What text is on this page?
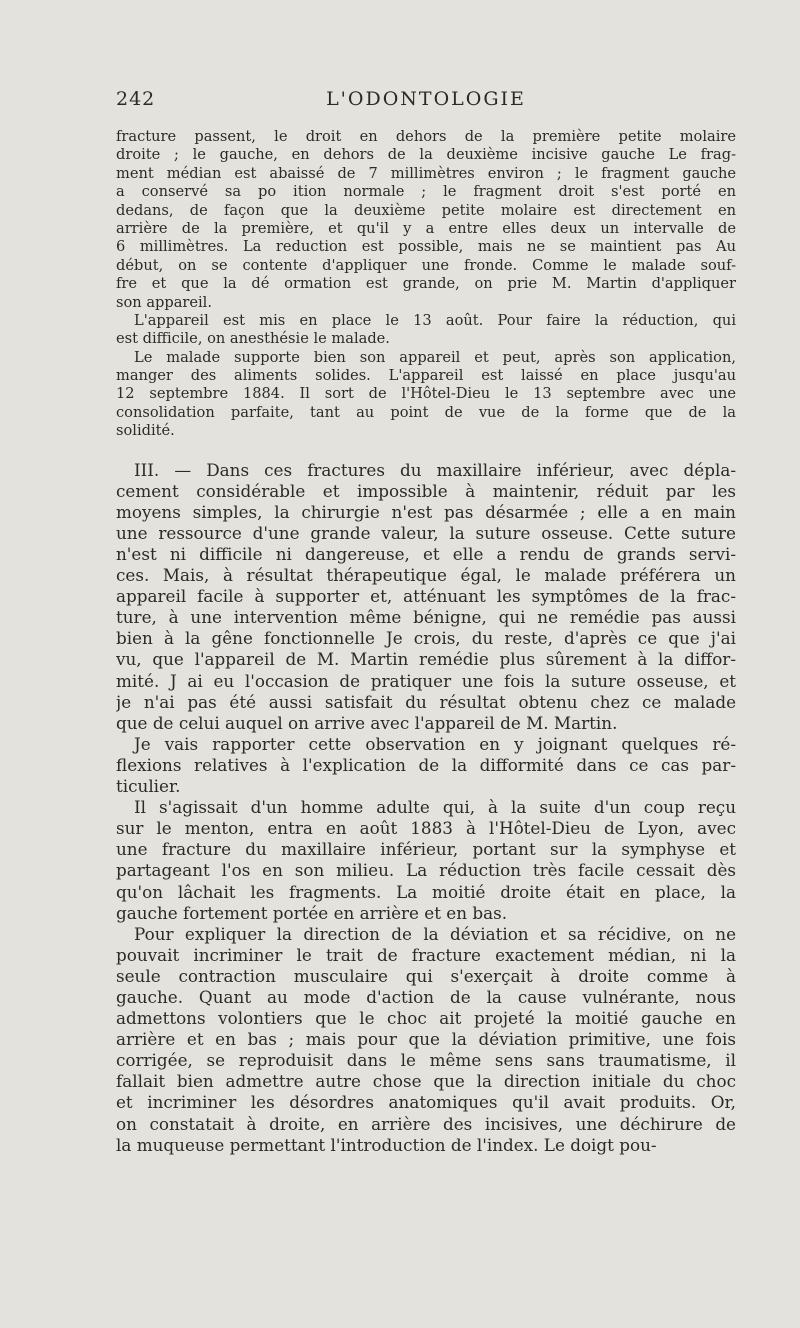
242	L'ODONTOLOGIE
fracture passent, le droit en dehors de la première petite molaire
droite ; le gauche, en dehors de la deuxième incisive gauche Le frag-
ment médian est abaissé de 7 millimètres environ ; le fragment gauche
a conservé sa po ition normale ; le fragment droit s'est porté en
dedans, de façon que la deuxième petite molaire est directement en
arrière de la première, et qu'il y a entre elles deux un intervalle de
6 millimètres. La reduction est possible, mais ne se maintient pas Au
début, on se contente d'appliquer une fronde. Comme le malade souf-
fre et que la dé ormation est grande, on prie M. Martin d'appliquer
son appareil.
L'appareil est mis en place le 13 août. Pour faire la réduction, qui
est difficile, on anesthésie le malade.
Le malade supporte bien son appareil et peut, après son application,
manger des aliments solides. L'appareil est laissé en place jusqu'au
12 septembre 1884. Il sort de l'Hôtel-Dieu le 13 septembre avec une
consolidation parfaite, tant au point de vue de la forme que de la
solidité.
III. — Dans ces fractures du maxillaire inférieur, avec dépla-
cement considérable et impossible à maintenir, réduit par les
moyens simples, la chirurgie n'est pas désarmée ; elle a en main
une ressource d'une grande valeur, la suture osseuse. Cette suture
n'est ni difficile ni dangereuse, et elle a rendu de grands servi-
ces. Mais, à résultat thérapeutique égal, le malade préférera un
appareil facile à supporter et, atténuant les symptômes de la frac-
ture, à une intervention même bénigne, qui ne remédie pas aussi
bien à la gêne fonctionnelle Je crois, du reste, d'après ce que j'ai
vu, que l'appareil de M. Martin remédie plus sûrement à la diffor-
mité. J ai eu l'occasion de pratiquer une fois la suture osseuse, et
je n'ai pas été aussi satisfait du résultat obtenu chez ce malade
que de celui auquel on arrive avec l'appareil de M. Martin.
Je vais rapporter cette observation en y joignant quelques ré-
flexions relatives à l'explication de la difformité dans ce cas par-
ticulier.
Il s'agissait d'un homme adulte qui, à la suite d'un coup reçu
sur le menton, entra en août 1883 à l'Hôtel-Dieu de Lyon, avec
une fracture du maxillaire inférieur, portant sur la symphyse et
partageant l'os en son milieu. La réduction très facile cessait dès
qu'on lâchait les fragments. La moitié droite était en place, la
gauche fortement portée en arrière et en bas.
Pour expliquer la direction de la déviation et sa récidive, on ne
pouvait incriminer le trait de fracture exactement médian, ni la
seule contraction musculaire qui s'exerçait à droite comme à
gauche. Quant au mode d'action de la cause vulnérante, nous
admettons volontiers que le choc ait projeté la moitié gauche en
arrière et en bas ; mais pour que la déviation primitive, une fois
corrigée, se reproduisit dans le même sens sans traumatisme, il
fallait bien admettre autre chose que la direction initiale du choc
et incriminer les désordres anatomiques qu'il avait produits. Or,
on constatait à droite, en arrière des incisives, une déchirure de
la muqueuse permettant l'introduction de l'index. Le doigt pou-
